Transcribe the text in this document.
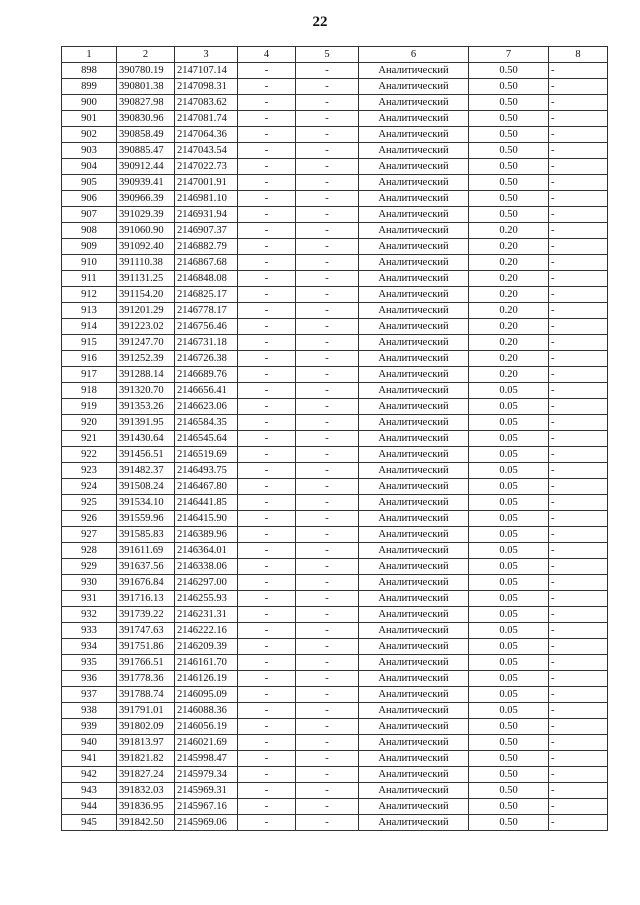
22
1	2	3	4	5	6	7	8
898	390780.19	2147107.14	-	-	Аналитический	0.50	-
899	390801.38	2147098.31	-	-	Аналитический	0.50	-
900	390827.98	2147083.62	-	-	Аналитический	0.50	-
901	390830.96	2147081.74	-	-	Аналитический	0.50	-
902	390858.49	2147064.36	-	-	Аналитический	0.50	-
903	390885.47	2147043.54	-	-	Аналитический	0.50	-
904	390912.44	2147022.73	-	-	Аналитический	0.50	-
905	390939.41	2147001.91	-	-	Аналитический	0.50	-
906	390966.39	2146981.10	-	-	Аналитический	0.50	-
907	391029.39	2146931.94	-	-	Аналитический	0.50	-
908	391060.90	2146907.37	-	-	Аналитический	0.20	-
909	391092.40	2146882.79	-	-	Аналитический	0.20	-
910	391110.38	2146867.68	-	-	Аналитический	0.20	-
911	391131.25	2146848.08	-	-	Аналитический	0.20	-
912	391154.20	2146825.17	-	-	Аналитический	0.20	-
913	391201.29	2146778.17	-	-	Аналитический	0.20	-
914	391223.02	2146756.46	-	-	Аналитический	0.20	-
915	391247.70	2146731.18	-	-	Аналитический	0.20	-
916	391252.39	2146726.38	-	-	Аналитический	0.20	-
917	391288.14	2146689.76	-	-	Аналитический	0.20	-
918	391320.70	2146656.41	-	-	Аналитический	0.05	-
919	391353.26	2146623.06	-	-	Аналитический	0.05	-
920	391391.95	2146584.35	-	-	Аналитический	0.05	-
921	391430.64	2146545.64	-	-	Аналитический	0.05	-
922	391456.51	2146519.69	-	-	Аналитический	0.05	-
923	391482.37	2146493.75	-	-	Аналитический	0.05	-
924	391508.24	2146467.80	-	-	Аналитический	0.05	-
925	391534.10	2146441.85	-	-	Аналитический	0.05	-
926	391559.96	2146415.90	-	-	Аналитический	0.05	-
927	391585.83	2146389.96	-	-	Аналитический	0.05	-
928	391611.69	2146364.01	-	-	Аналитический	0.05	-
929	391637.56	2146338.06	-	-	Аналитический	0.05	-
930	391676.84	2146297.00	-	-	Аналитический	0.05	-
931	391716.13	2146255.93	-	-	Аналитический	0.05	-
932	391739.22	2146231.31	-	-	Аналитический	0.05	-
933	391747.63	2146222.16	-	-	Аналитический	0.05	-
934	391751.86	2146209.39	-	-	Аналитический	0.05	-
935	391766.51	2146161.70	-	-	Аналитический	0.05	-
936	391778.36	2146126.19	-	-	Аналитический	0.05	-
937	391788.74	2146095.09	-	-	Аналитический	0.05	-
938	391791.01	2146088.36	-	-	Аналитический	0.05	-
939	391802.09	2146056.19	-	-	Аналитический	0.50	-
940	391813.97	2146021.69	-	-	Аналитический	0.50	-
941	391821.82	2145998.47	-	-	Аналитический	0.50	-
942	391827.24	2145979.34	-	-	Аналитический	0.50	-
943	391832.03	2145969.31	-	-	Аналитический	0.50	-
944	391836.95	2145967.16	-	-	Аналитический	0.50	-
945	391842.50	2145969.06	-	-	Аналитический	0.50	-
